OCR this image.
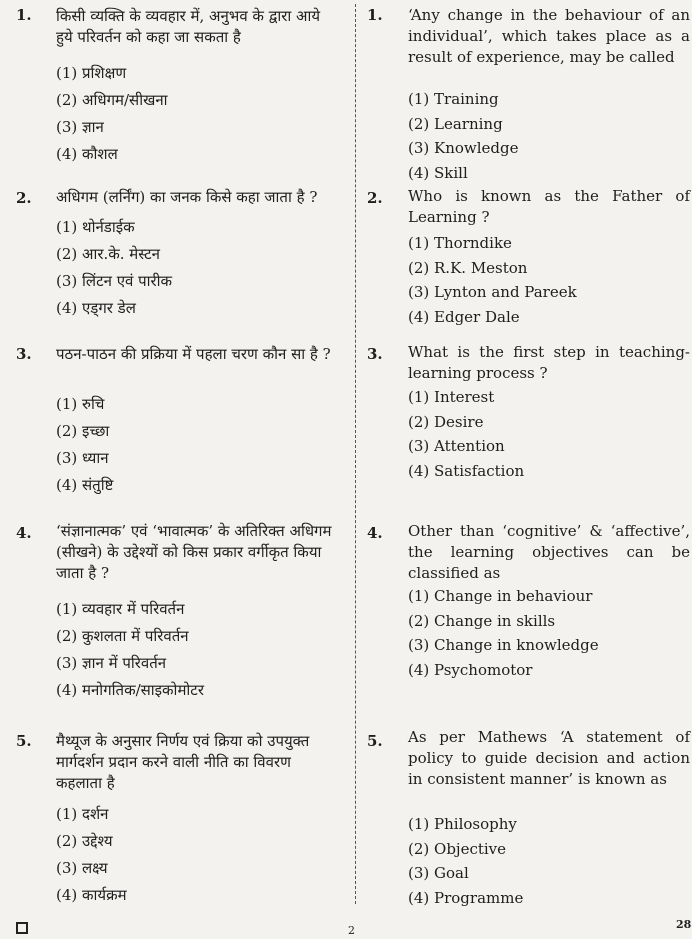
1. किसी व्यक्ति के व्यवहार में, अनुभव के द्वारा आये हुये परिवर्तन को कहा जा सकता है
(1) प्रशिक्षण
(2) अधिगम/सीखना
(3) ज्ञान
(4) कौशल
2. अधिगम (लर्निंग) का जनक किसे कहा जाता है ?
(1) थोर्नडाईक
(2) आर.के. मेस्टन
(3) लिंटन एवं पारीक
(4) एड्गर डेल
3. पठन-पाठन की प्रक्रिया में पहला चरण कौन सा है ?
(1) रुचि
(2) इच्छा
(3) ध्यान
(4) संतुष्टि
4. ‘संज्ञानात्मक’ एवं ‘भावात्मक’ के अतिरिक्त अधिगम (सीखने) के उद्देश्यों को किस प्रकार वर्गीकृत किया जाता है ?
(1) व्यवहार में परिवर्तन
(2) कुशलता में परिवर्तन
(3) ज्ञान में परिवर्तन
(4) मनोगतिक/साइकोमोटर
5. मैथ्यूज के अनुसार निर्णय एवं क्रिया को उपयुक्त मार्गदर्शन प्रदान करने वाली नीति का विवरण कहलाता है
(1) दर्शन
(2) उद्देश्य
(3) लक्ष्य
(4) कार्यक्रम
1. ‘Any change in the behaviour of an individual’, which takes place as a result of experience, may be called
(1) Training
(2) Learning
(3) Knowledge
(4) Skill
2. Who is known as the Father of Learning ?
(1) Thorndike
(2) R.K. Meston
(3) Lynton and Pareek
(4) Edger Dale
3. What is the first step in teaching-learning process ?
(1) Interest
(2) Desire
(3) Attention
(4) Satisfaction
4. Other than ‘cognitive’ & ‘affective’, the learning objectives can be classified as
(1) Change in behaviour
(2) Change in skills
(3) Change in knowledge
(4) Psychomotor
5. As per Mathews ‘A statement of policy to guide decision and action in consistent manner’ is known as
(1) Philosophy
(2) Objective
(3) Goal
(4) Programme
2	28
